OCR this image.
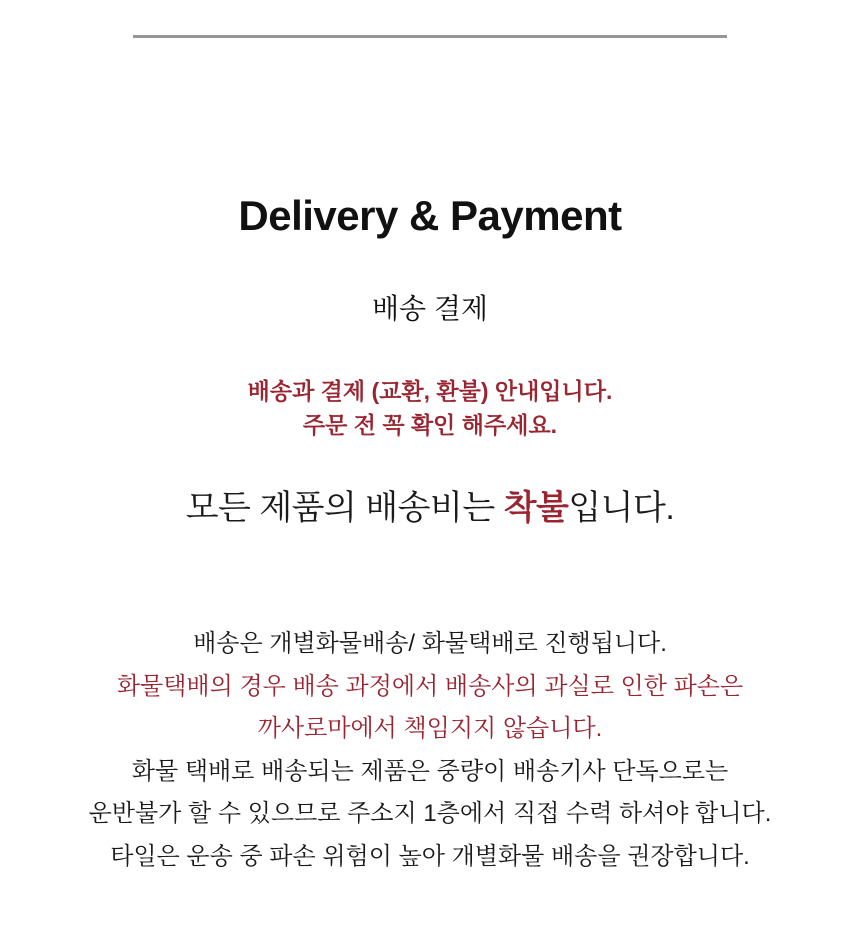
Delivery & Payment
배송 결제

배송과 결제 (교환, 환불) 안내입니다.

주문 전 꼭 확인 해주세요.

모든 제품의 배송비는 착불입니다.

배송은 개별화물배송/ 화물택배로 진행됩니다.

화물택배의 경우 배송 과정에서 배송사의 과실로 인한 파손은

까사로마에서 책임지지 않습니다.

화물 택배로 배송되는 제품은 중량이 배송기사 단독으로는

운반불가 할 수 있으므로 주소지 1층에서 직접 수력 하셔야 합니다.

타일은 운송 중 파손 위험이 높아 개별화물 배송을 권장합니다.
